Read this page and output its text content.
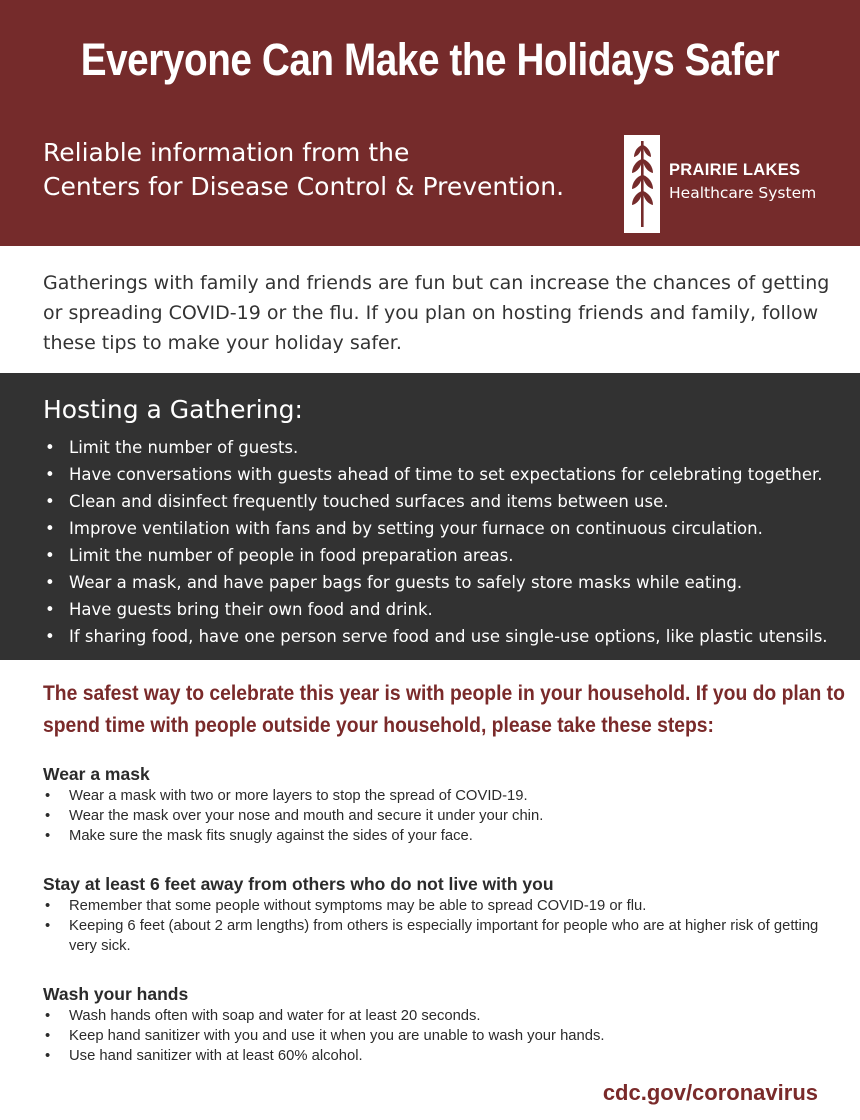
Everyone Can Make the Holidays Safer
Reliable information from the
Centers for Disease Control & Prevention.
PRAIRIE LAKES
Healthcare System
Gatherings with family and friends are fun but can increase the chances of getting
or spreading COVID-19 or the flu. If you plan on hosting friends and family, follow
these tips to make your holiday safer.
Hosting a Gathering:
• Limit the number of guests.
• Have conversations with guests ahead of time to set expectations for celebrating together.
• Clean and disinfect frequently touched surfaces and items between use.
• Improve ventilation with fans and by setting your furnace on continuous circulation.
• Limit the number of people in food preparation areas.
• Wear a mask, and have paper bags for guests to safely store masks while eating.
• Have guests bring their own food and drink.
• If sharing food, have one person serve food and use single-use options, like plastic utensils.
The safest way to celebrate this year is with people in your household. If you do plan to
spend time with people outside your household, please take these steps:
Wear a mask
• Wear a mask with two or more layers to stop the spread of COVID-19.
• Wear the mask over your nose and mouth and secure it under your chin.
• Make sure the mask fits snugly against the sides of your face.
Stay at least 6 feet away from others who do not live with you
• Remember that some people without symptoms may be able to spread COVID-19 or flu.
• Keeping 6 feet (about 2 arm lengths) from others is especially important for people who are at higher risk of getting very sick.
Wash your hands
• Wash hands often with soap and water for at least 20 seconds.
• Keep hand sanitizer with you and use it when you are unable to wash your hands.
• Use hand sanitizer with at least 60% alcohol.
cdc.gov/coronavirus
